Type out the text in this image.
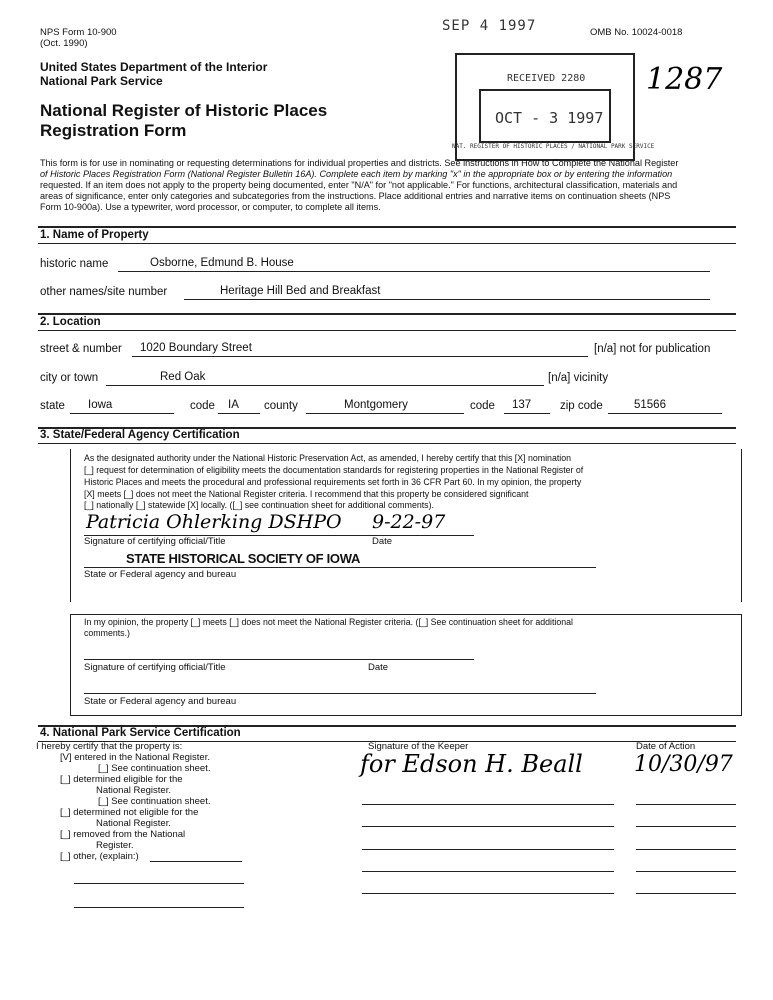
NPS Form 10-900
(Oct. 1990)
SEP 4 1997	OMB No. 10024-0018
United States Department of the Interior
National Park Service
National Register of Historic Places
Registration Form
RECEIVED 2280
OCT - 3 1997
NAT. REGISTER OF HISTORIC PLACES / NATIONAL PARK SERVICE
1287
This form is for use in nominating or requesting determinations for individual properties and districts. See instructions in How to Complete the National Register
of Historic Places Registration Form (National Register Bulletin 16A). Complete each item by marking "x" in the appropriate box or by entering the information
requested. If an item does not apply to the property being documented, enter "N/A" for "not applicable." For functions, architectural classification, materials and
areas of significance, enter only categories and subcategories from the instructions. Place additional entries and narrative items on continuation sheets (NPS
Form 10-900a). Use a typewriter, word processor, or computer, to complete all items.
1. Name of Property
historic name	Osborne, Edmund B. House
other names/site number	Heritage Hill Bed and Breakfast
2. Location
street & number 1020 Boundary Street	[n/a] not for publication
city or town	Red Oak	[n/a] vicinity
state Iowa	code IA county	Montgomery	code 137	zip code	51566
3. State/Federal Agency Certification
As the designated authority under the National Historic Preservation Act, as amended, I hereby certify that this [X] nomination
[_] request for determination of eligibility meets the documentation standards for registering properties in the National Register of
Historic Places and meets the procedural and professional requirements set forth in 36 CFR Part 60. In my opinion, the property
[X] meets [_] does not meet the National Register criteria. I recommend that this property be considered significant
[_] nationally [_] statewide [X] locally. ([_] see continuation sheet for additional comments).
Patricia Ohlerking DSHPO 9-22-97
Signature of certifying official/Title	Date
STATE HISTORICAL SOCIETY OF IOWA
State or Federal agency and bureau
In my opinion, the property [_] meets [_] does not meet the National Register criteria. ([_] See continuation sheet for additional
comments.)
Signature of certifying official/Title	Date
State or Federal agency and bureau
4. National Park Service Certification
I hereby certify that the property is:
[V] entered in the National Register.
[_] See continuation sheet.
[_] determined eligible for the
National Register.
[_] See continuation sheet.
[_] determined not eligible for the
National Register.
[_] removed from the National
Register.
[_] other, (explain:)
Signature of the Keeper	Date of Action
for Edson H. Beall 10/30/97
